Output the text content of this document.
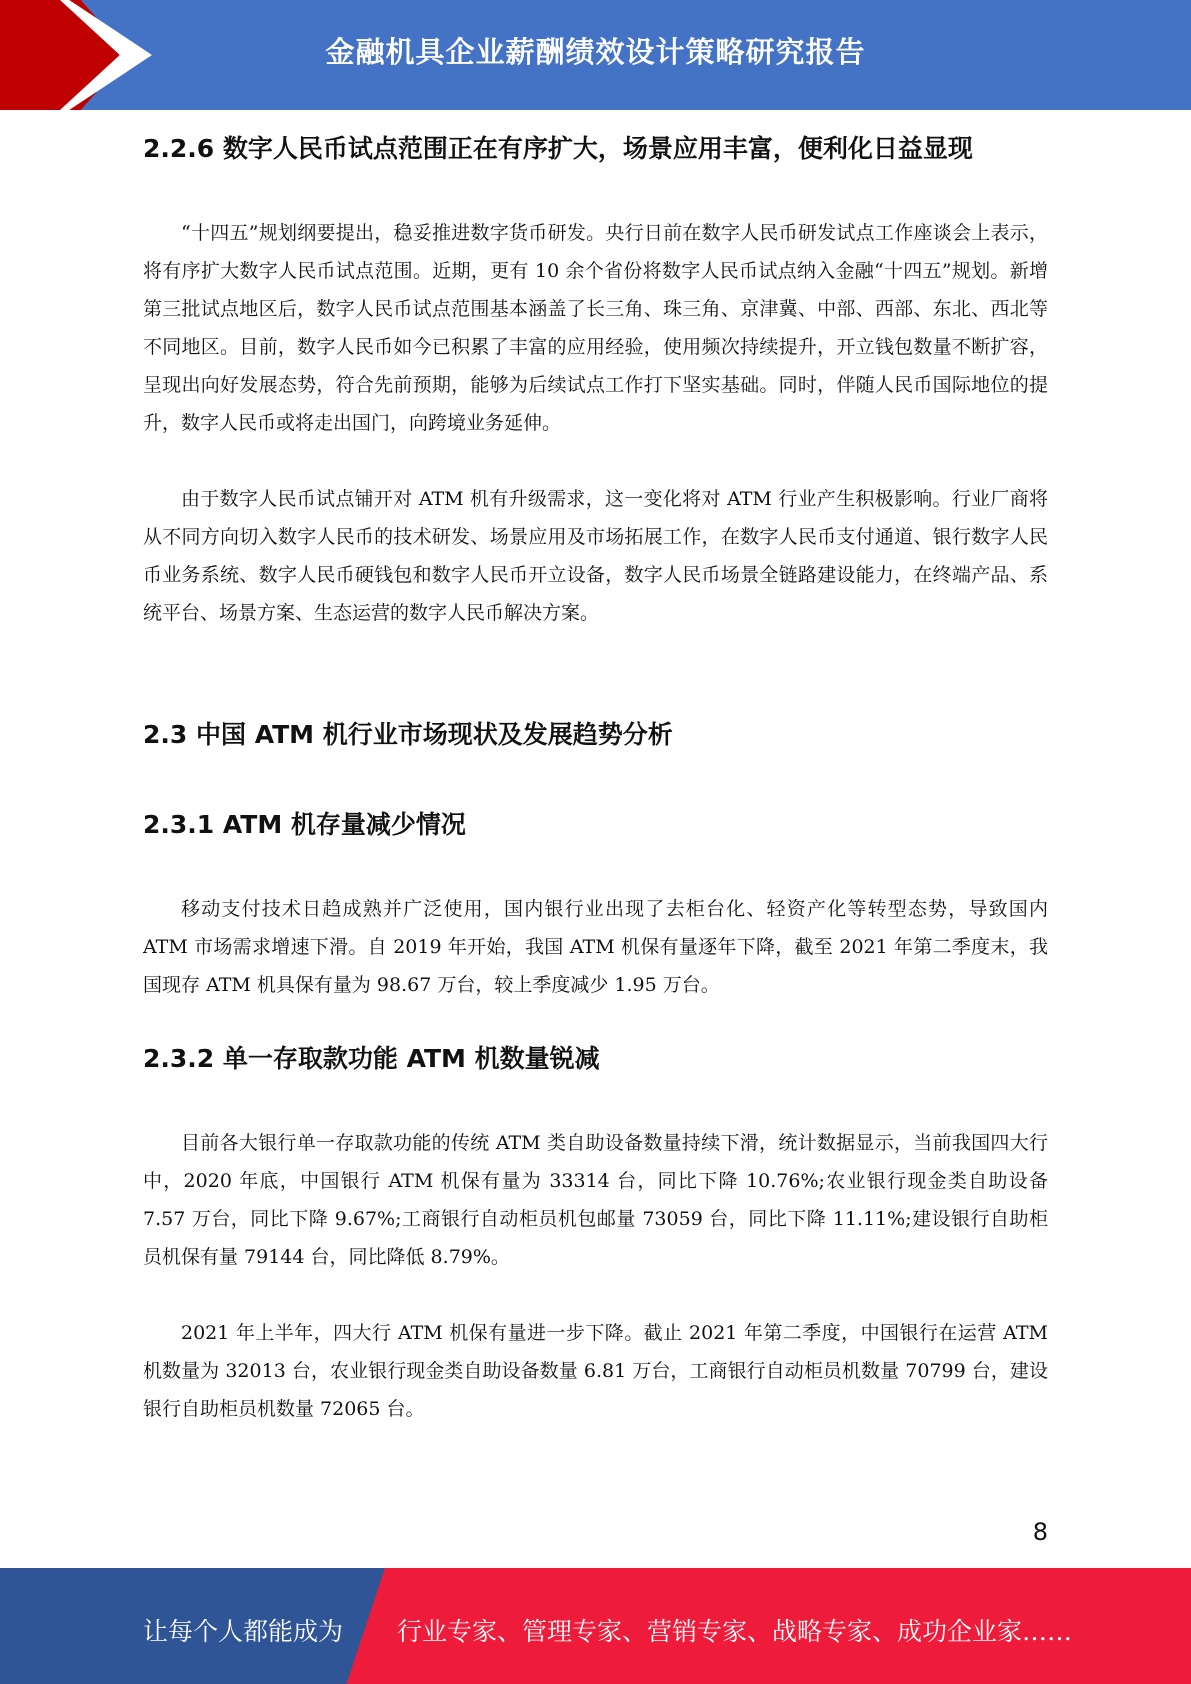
金融机具企业薪酬绩效设计策略研究报告
2.2.6 数字人民币试点范围正在有序扩大，场景应用丰富，便利化日益显现

“十四五”规划纲要提出，稳妥推进数字货币研发。央行日前在数字人民币研发试点工作座谈会上表示，将有序扩大数字人民币试点范围。近期，更有 10 余个省份将数字人民币试点纳入金融“十四五”规划。新增第三批试点地区后，数字人民币试点范围基本涵盖了长三角、珠三角、京津冀、中部、西部、东北、西北等不同地区。目前，数字人民币如今已积累了丰富的应用经验，使用频次持续提升，开立钱包数量不断扩容，呈现出向好发展态势，符合先前预期，能够为后续试点工作打下坚实基础。同时，伴随人民币国际地位的提升，数字人民币或将走出国门，向跨境业务延伸。

由于数字人民币试点铺开对 ATM 机有升级需求，这一变化将对 ATM 行业产生积极影响。行业厂商将从不同方向切入数字人民币的技术研发、场景应用及市场拓展工作，在数字人民币支付通道、银行数字人民币业务系统、数字人民币硬钱包和数字人民币开立设备，数字人民币场景全链路建设能力，在终端产品、系统平台、场景方案、生态运营的数字人民币解决方案。

2.3 中国 ATM 机行业市场现状及发展趋势分析
2.3.1 ATM 机存量减少情况

移动支付技术日趋成熟并广泛使用，国内银行业出现了去柜台化、轻资产化等转型态势，导致国内 ATM 市场需求增速下滑。自 2019 年开始，我国 ATM 机保有量逐年下降，截至 2021 年第二季度末，我国现存 ATM 机具保有量为 98.67 万台，较上季度减少 1.95 万台。

2.3.2 单一存取款功能 ATM 机数量锐减

目前各大银行单一存取款功能的传统 ATM 类自助设备数量持续下滑，统计数据显示，当前我国四大行中，2020 年底，中国银行 ATM 机保有量为 33314 台，同比下降 10.76%;农业银行现金类自助设备 7.57 万台，同比下降 9.67%;工商银行自动柜员机包邮量 73059 台，同比下降 11.11%;建设银行自助柜员机保有量 79144 台，同比降低 8.79%。

2021 年上半年，四大行 ATM 机保有量进一步下降。截止 2021 年第二季度，中国银行在运营 ATM 机数量为 32013 台，农业银行现金类自助设备数量 6.81 万台，工商银行自动柜员机数量 70799 台，建设银行自助柜员机数量 72065 台。

8
让每个人都能成为 行业专家、管理专家、营销专家、战略专家、成功企业家……
